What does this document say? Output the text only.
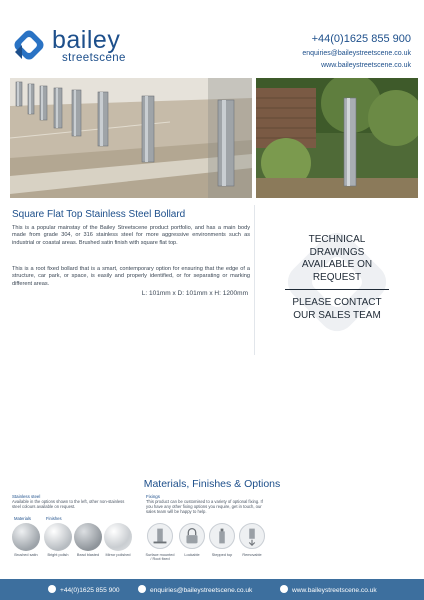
bailey
streetscene
+44(0)1625 855 900
enquiries@baileystreetscene.co.uk
www.baileystreetscene.co.uk
Square Flat Top Stainless Steel Bollard

This is a popular mainstay of the Bailey Streetscene product portfolio, and has a main body made from grade 304, or 316 stainless steel for more aggressive environments such as industrial or coastal areas. Brushed satin finish with square flat top.

This is a root fixed bollard that is a smart, contemporary option for ensuring that the edge of a structure, car park, or space, is easily and properly identified, or for separating or marking different areas.

L: 101mm x D: 101mm x H: 1200mm
TECHNICAL
DRAWINGS
AVAILABLE ON
REQUEST
PLEASE CONTACT
OUR SALES TEAM
Materials, Finishes & Options
Stainless steel
Available in the options shown to the left, other non-stainless steel colours available on request.
Fixings
This product can be customised to a variety of optional fixing. If you have any other fixing options you require, get in touch, our sales team will be happy to help.
Materials	Finishes
Brushed satin	Bright polish	Bead blasted	Mirror polished	Surface mounted / Root fixed
Lockable	Stepped top	Removable
+44(0)1625 855 900	enquiries@baileystreetscene.co.uk	www.baileystreetscene.co.uk
